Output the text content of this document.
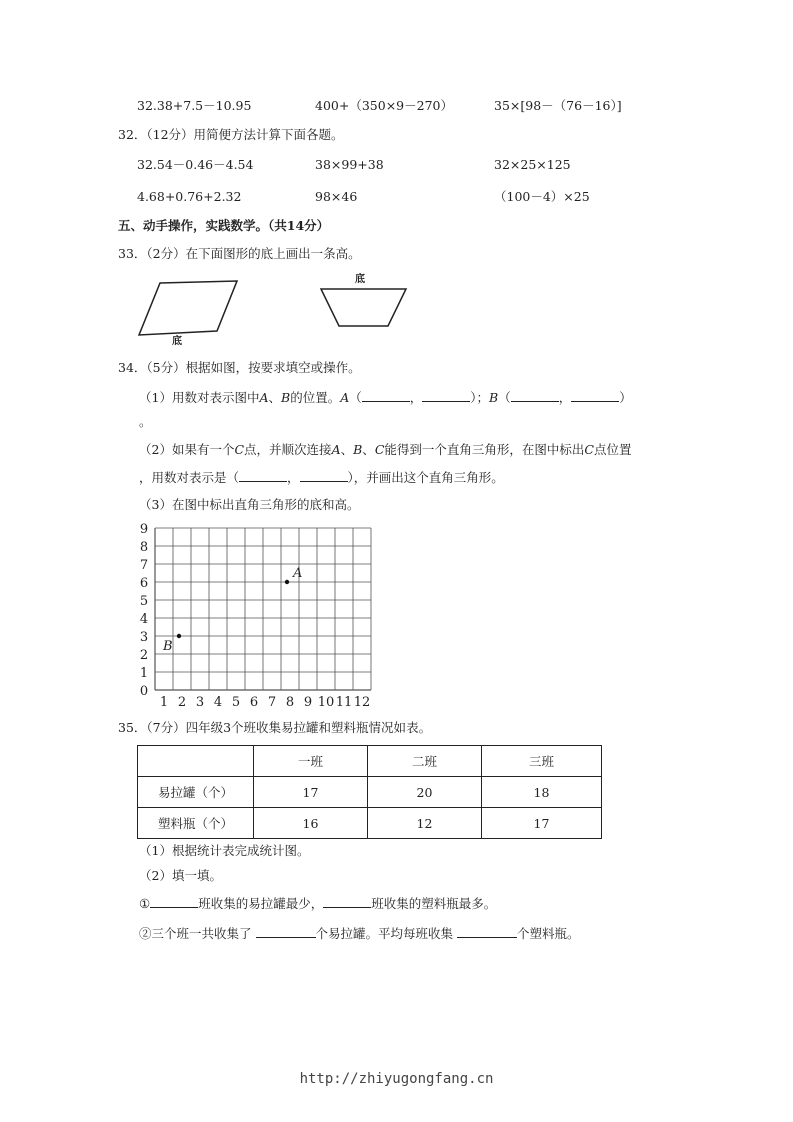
32.38+7.5－10.95	400+（350×9－270）	35×[98－（76－16）]
32．（12分）用简便方法计算下面各题。
32.54－0.46－4.54	38×99+38	32×25×125
4.68+0.76+2.32	98×46	（100－4）×25
五、动手操作，实践数学。（共14分）
33．（2分）在下面图形的底上画出一条高。
底
底
34．（5分）根据如图，按要求填空或操作。
（1）用数对表示图中A、B的位置。A（	，	）；B（	，	）
。
（2）如果有一个C点，并顺次连接A、B、C能得到一个直角三角形，在图中标出C点位置
，用数对表示是（	，	），并画出这个直角三角形。
（3）在图中标出直角三角形的底和高。
0
1
2
3
4
5
6
7
8
9
1 2 3 4 5 6 7 8 9 10 11 12
A
B
35．（7分）四年级3个班收集易拉罐和塑料瓶情况如表。
	一班	二班	三班
易拉罐（个）	17	20	18
塑料瓶（个）	16	12	17
（1）根据统计表完成统计图。
（2）填一填。
①	班收集的易拉罐最少，	班收集的塑料瓶最多。
②三个班一共收集了	个易拉罐。平均每班收集	个塑料瓶。
http://zhiyugongfang.cn
